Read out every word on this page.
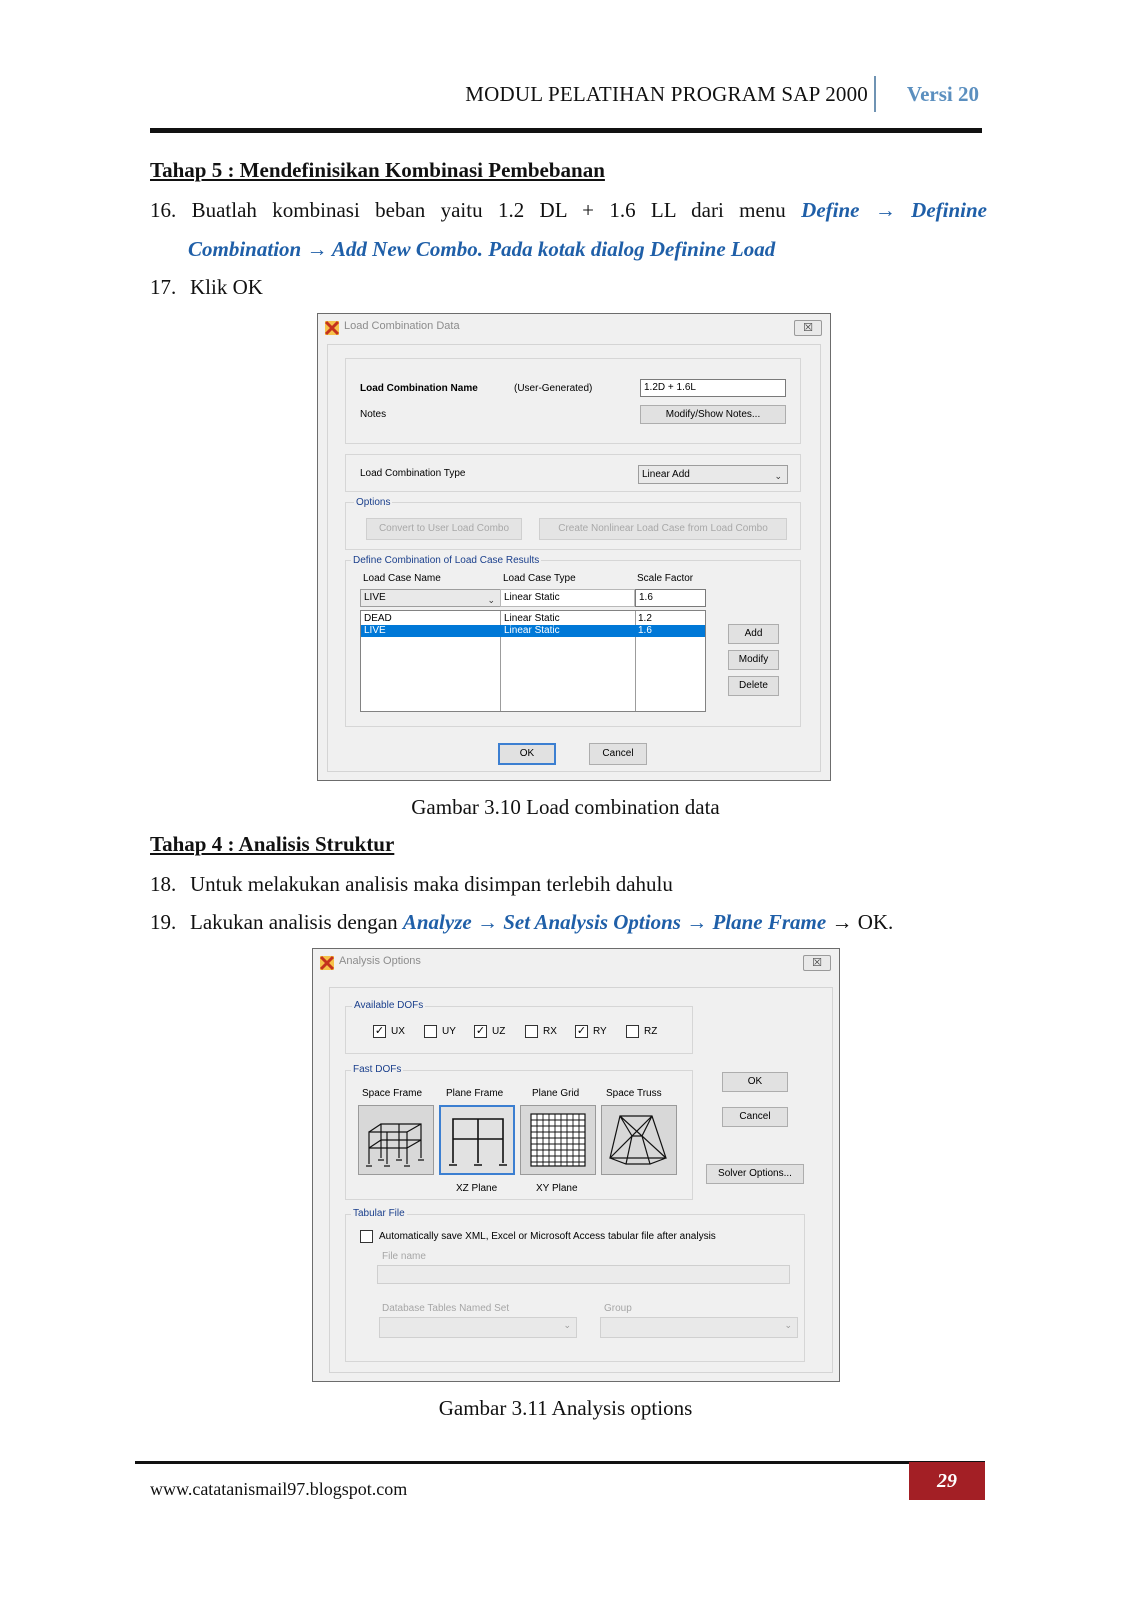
MODUL PELATIHAN PROGRAM SAP 2000 Versi 20
Tahap 5 : Mendefinisikan Kombinasi Pembebanan
16. Buatlah kombinasi beban yaitu 1.2 DL + 1.6 LL dari menu Define → Definine
Combination → Add New Combo. Pada kotak dialog Definine Load
17. Klik OK
Load Combination Data	☒
Load Combination Name	(User-Generated)	1.2D + 1.6L
Notes	Modify/Show Notes...
Load Combination Type	Linear Add	⌄
Options
Convert to User Load Combo	Create Nonlinear Load Case from Load Combo
Define Combination of Load Case Results
Load Case Name	Load Case Type	Scale Factor
LIVE	⌄ Linear Static	1.6
DEAD	Linear Static	1.2
LIVE	Linear Static	1.6	Add
Modify
Delete
OK	Cancel
Gambar 3.10 Load combination data
Tahap 4 : Analisis Struktur
18. Untuk melakukan analisis maka disimpan terlebih dahulu
19. Lakukan analisis dengan Analyze → Set Analysis Options → Plane Frame → OK.
Analysis Options	☒
Available DOFs
✓ UX	UY ✓ UZ	RX ✓ RY	RZ
Fast DOFs
Space Frame Plane Frame	Plane Grid	Space Truss
XZ Plane	XY Plane
OK
Cancel
Solver Options...
Tabular File
Automatically save XML, Excel or Microsoft Access tabular file after analysis
File name
Database Tables Named Set	Group
⌄	⌄
Gambar 3.11 Analysis options
www.catatanismail97.blogspot.com	29
